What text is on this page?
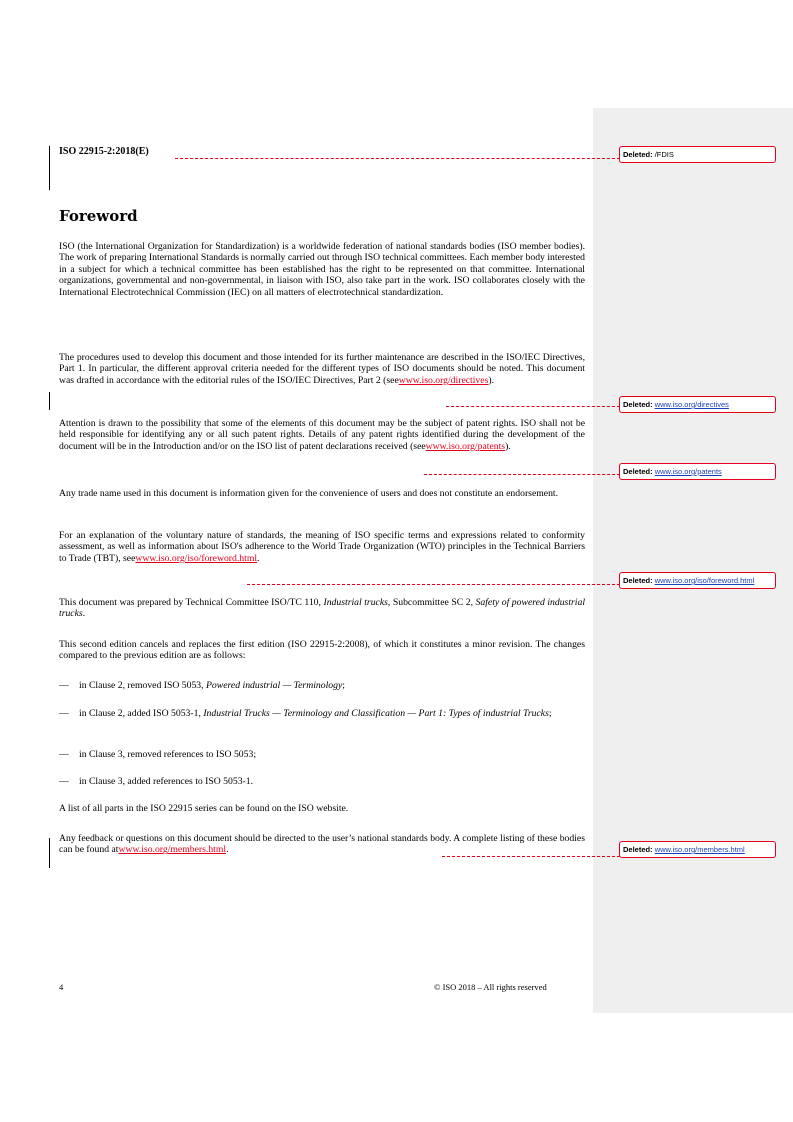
ISO 22915-2:2018(E)
Foreword
ISO (the International Organization for Standardization) is a worldwide federation of national standards bodies (ISO member bodies). The work of preparing International Standards is normally carried out through ISO technical committees. Each member body interested in a subject for which a technical committee has been established has the right to be represented on that committee. International organizations, governmental and non-governmental, in liaison with ISO, also take part in the work. ISO collaborates closely with the International Electrotechnical Commission (IEC) on all matters of electrotechnical standardization.
The procedures used to develop this document and those intended for its further maintenance are described in the ISO/IEC Directives, Part 1. In particular, the different approval criteria needed for the different types of ISO documents should be noted. This document was drafted in accordance with the editorial rules of the ISO/IEC Directives, Part 2 (seewww.iso.org/directives).
Attention is drawn to the possibility that some of the elements of this document may be the subject of patent rights. ISO shall not be held responsible for identifying any or all such patent rights. Details of any patent rights identified during the development of the document will be in the Introduction and/or on the ISO list of patent declarations received (seewww.iso.org/patents).
Any trade name used in this document is information given for the convenience of users and does not constitute an endorsement.
For an explanation of the voluntary nature of standards, the meaning of ISO specific terms and expressions related to conformity assessment, as well as information about ISO's adherence to the World Trade Organization (WTO) principles in the Technical Barriers to Trade (TBT), seewww.iso.org/iso/foreword.html.
This document was prepared by Technical Committee ISO/TC 110, Industrial trucks, Subcommittee SC 2, Safety of powered industrial trucks.
This second edition cancels and replaces the first edition (ISO 22915-2:2008), of which it constitutes a minor revision. The changes compared to the previous edition are as follows:
— in Clause 2, removed ISO 5053, Powered industrial — Terminology;
— in Clause 2, added ISO 5053-1, Industrial Trucks — Terminology and Classification — Part 1: Types of industrial Trucks;
— in Clause 3, removed references to ISO 5053;
— in Clause 3, added references to ISO 5053-1.
A list of all parts in the ISO 22915 series can be found on the ISO website.
Any feedback or questions on this document should be directed to the user’s national standards body. A complete listing of these bodies can be found atwww.iso.org/members.html.
Deleted: /FDIS
Deleted: www.iso.org/directives
Deleted: www.iso.org/patents
Deleted: www.iso.org/iso/foreword.html
Deleted: www.iso.org/members.html
4	© ISO 2018 – All rights reserved
